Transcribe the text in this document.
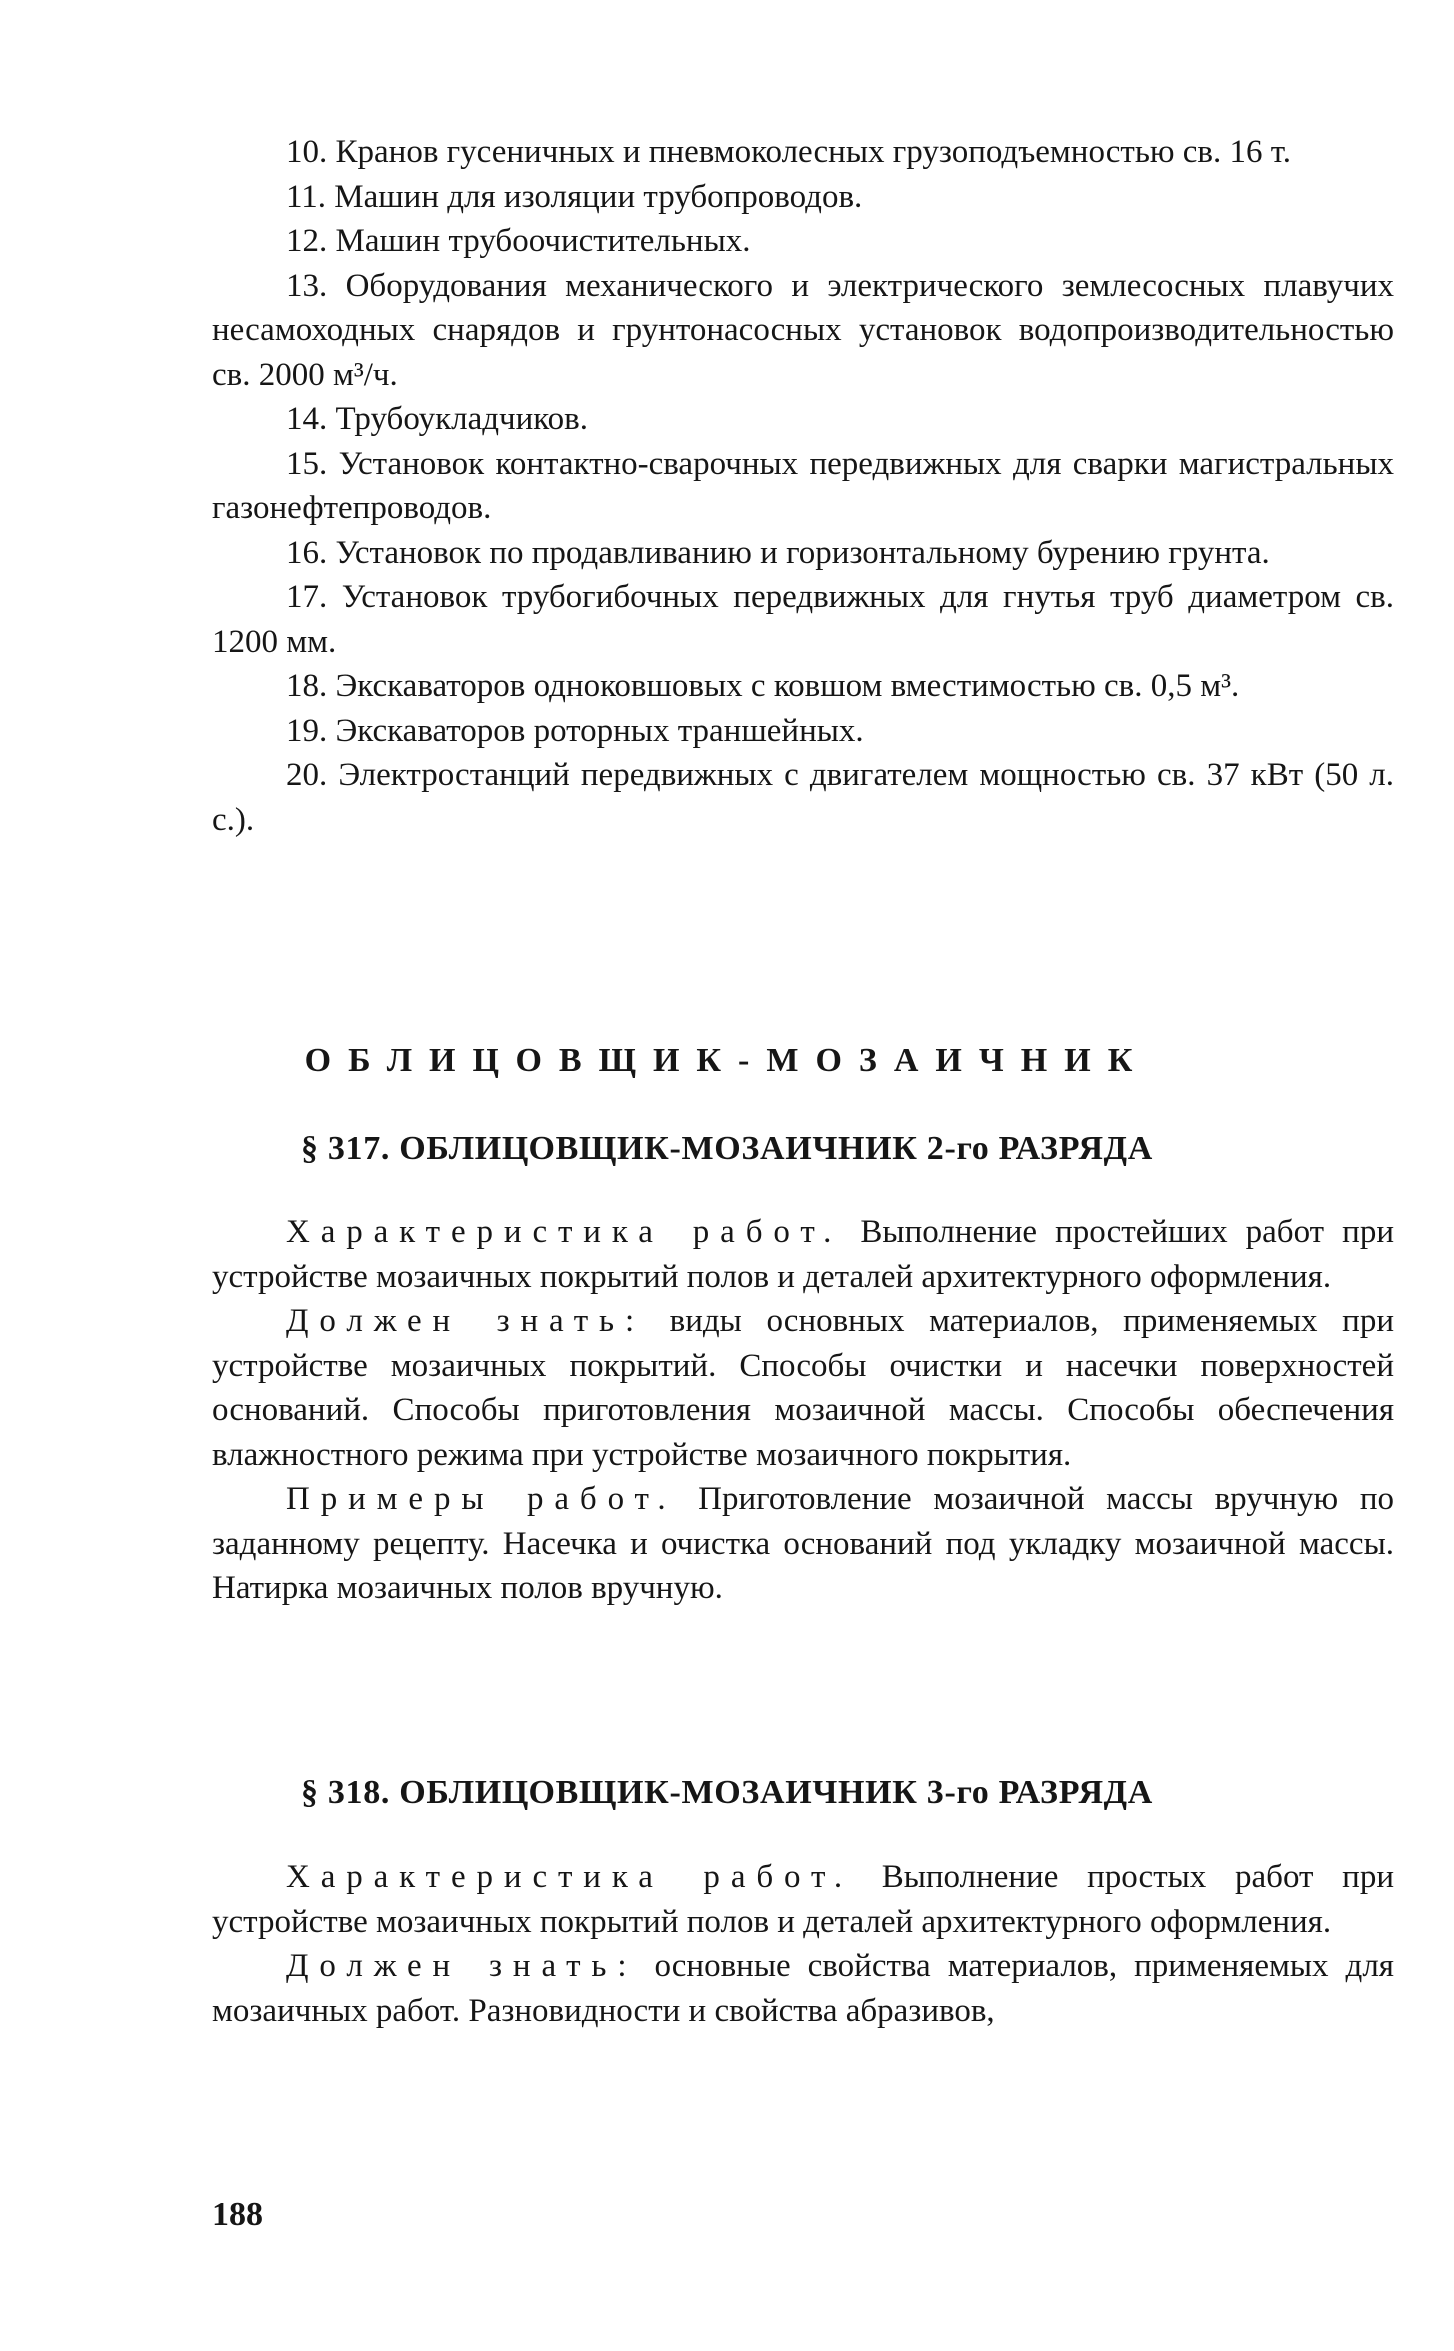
10. Кранов гусеничных и пневмоколесных грузоподъемностью св. 16 т.

11. Машин для изоляции трубопроводов.

12. Машин трубоочистительных.

13. Оборудования механического и электрического землесосных плавучих несамоходных снарядов и грунтонасосных установок водопроизводительностью св. 2000 м³/ч.

14. Трубоукладчиков.

15. Установок контактно-сварочных передвижных для сварки магистральных газонефтепроводов.

16. Установок по продавливанию и горизонтальному бурению грунта.

17. Установок трубогибочных передвижных для гнутья труб диаметром св. 1200 мм.

18. Экскаваторов одноковшовых с ковшом вместимостью св. 0,5 м³.

19. Экскаваторов роторных траншейных.

20. Электростанций передвижных с двигателем мощностью св. 37 кВт (50 л. с.).

ОБЛИЦОВЩИК-МОЗАИЧНИК
§ 317. ОБЛИЦОВЩИК-МОЗАИЧНИК 2-го РАЗРЯДА

Характеристика работ. Выполнение простейших работ при устройстве мозаичных покрытий полов и деталей архитектурного оформления.

Должен знать: виды основных материалов, применяемых при устройстве мозаичных покрытий. Способы очистки и насечки поверхностей оснований. Способы приготовления мозаичной массы. Способы обеспечения влажностного режима при устройстве мозаичного покрытия.

Примеры работ. Приготовление мозаичной массы вручную по заданному рецепту. Насечка и очистка оснований под укладку мозаичной массы. Натирка мозаичных полов вручную.

§ 318. ОБЛИЦОВЩИК-МОЗАИЧНИК 3-го РАЗРЯДА

Характеристика работ. Выполнение простых работ при устройстве мозаичных покрытий полов и деталей архитектурного оформления.

Должен знать: основные свойства материалов, применяемых для мозаичных работ. Разновидности и свойства абразивов,

188
